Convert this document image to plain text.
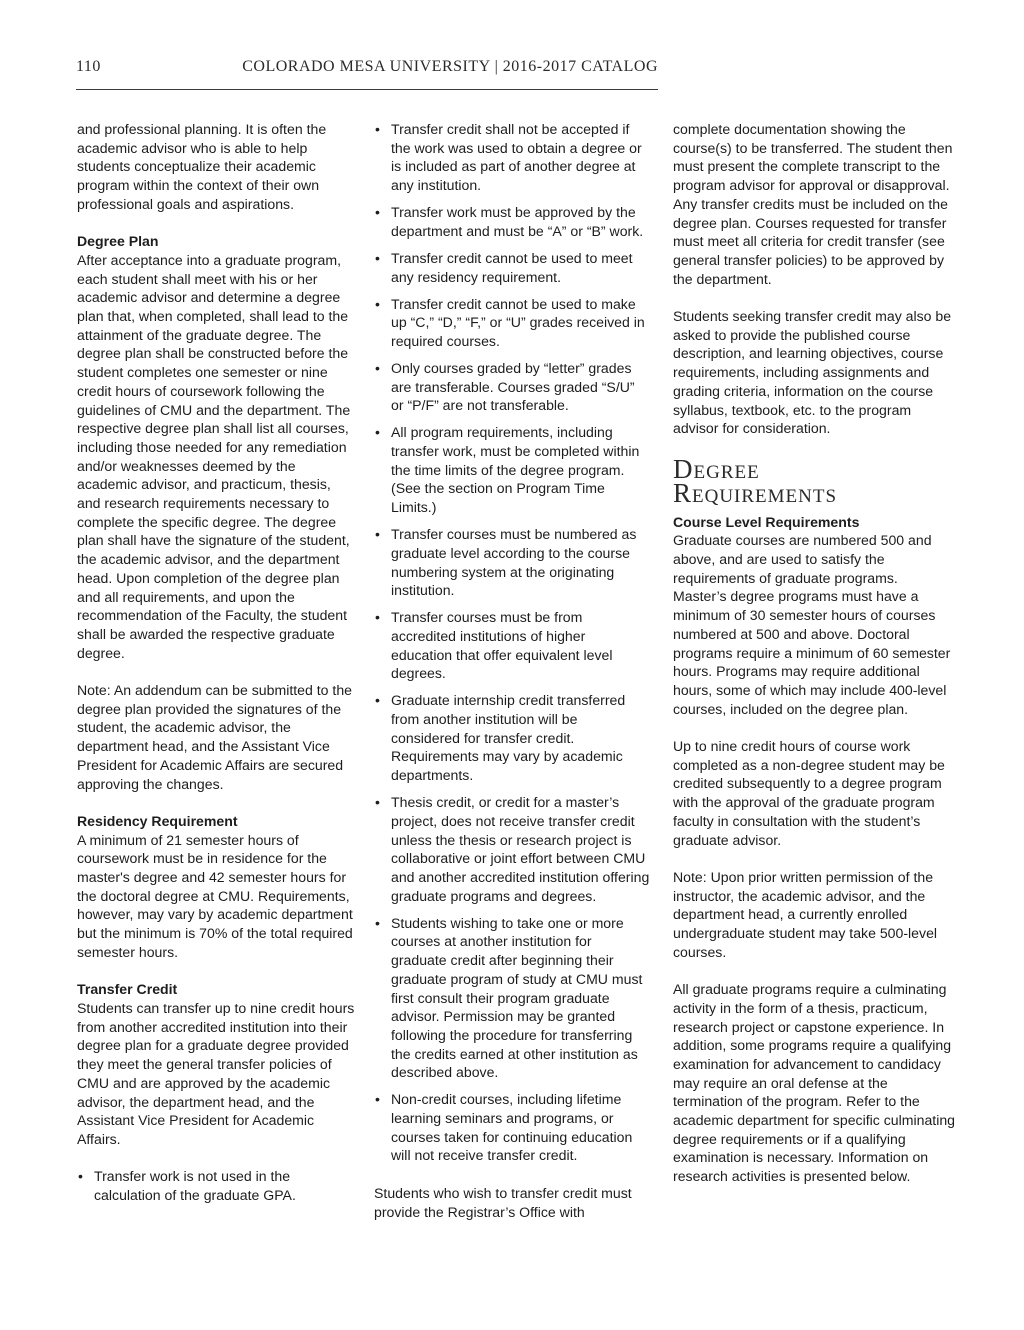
110	COLORADO MESA UNIVERSITY | 2016-2017 CATALOG

and professional planning. It is often the academic advisor who is able to help students conceptualize their academic program within the context of their own professional goals and aspirations.

Degree Plan

After acceptance into a graduate program, each student shall meet with his or her academic advisor and determine a degree plan that, when completed, shall lead to the attainment of the graduate degree. The degree plan shall be constructed before the student completes one semester or nine credit hours of coursework following the guidelines of CMU and the department. The respective degree plan shall list all courses, including those needed for any remediation and/or weaknesses deemed by the academic advisor, and practicum, thesis, and research requirements necessary to complete the specific degree. The degree plan shall have the signature of the student, the academic advisor, and the department head. Upon completion of the degree plan and all requirements, and upon the recommendation of the Faculty, the student shall be awarded the respective graduate degree.

Note: An addendum can be submitted to the degree plan provided the signatures of the student, the academic advisor, the department head, and the Assistant Vice President for Academic Affairs are secured approving the changes.

Residency Requirement

A minimum of 21 semester hours of coursework must be in residence for the master's degree and 42 semester hours for the doctoral degree at CMU. Requirements, however, may vary by academic department but the minimum is 70% of the total required semester hours.

Transfer Credit

Students can transfer up to nine credit hours from another accredited institution into their degree plan for a graduate degree provided they meet the general transfer policies of CMU and are approved by the academic advisor, the department head, and the Assistant Vice President for Academic Affairs.

• Transfer work is not used in the calculation of the graduate GPA.
• Transfer credit shall not be accepted if the work was used to obtain a degree or is included as part of another degree at any institution.
• Transfer work must be approved by the department and must be “A” or “B” work.
• Transfer credit cannot be used to meet any residency requirement.
• Transfer credit cannot be used to make up “C,” “D,” “F,” or “U” grades received in required courses.
• Only courses graded by “letter” grades are transferable. Courses graded “S/U” or “P/F” are not transferable.
• All program requirements, including transfer work, must be completed within the time limits of the degree program. (See the section on Program Time Limits.)
• Transfer courses must be numbered as graduate level according to the course numbering system at the originating institution.
• Transfer courses must be from accredited institutions of higher education that offer equivalent level degrees.
• Graduate internship credit transferred from another institution will be considered for transfer credit. Requirements may vary by academic departments.
• Thesis credit, or credit for a master’s project, does not receive transfer credit unless the thesis or research project is collaborative or joint effort between CMU and another accredited institution offering graduate programs and degrees.
• Students wishing to take one or more courses at another institution for graduate credit after beginning their graduate program of study at CMU must first consult their program graduate advisor. Permission may be granted following the procedure for transferring the credits earned at other institution as described above.
• Non-credit courses, including lifetime learning seminars and programs, or courses taken for continuing education will not receive transfer credit.

Students who wish to transfer credit must provide the Registrar’s Office with

complete documentation showing the course(s) to be transferred. The student then must present the complete transcript to the program advisor for approval or disapproval. Any transfer credits must be included on the degree plan. Courses requested for transfer must meet all criteria for credit transfer (see general transfer policies) to be approved by the department.

Students seeking transfer credit may also be asked to provide the published course description, and learning objectives, course requirements, including assignments and grading criteria, information on the course syllabus, textbook, etc. to the program advisor for consideration.

Degree
Requirements
Course Level Requirements

Graduate courses are numbered 500 and above, and are used to satisfy the requirements of graduate programs. Master’s degree programs must have a minimum of 30 semester hours of courses numbered at 500 and above. Doctoral programs require a minimum of 60 semester hours. Programs may require additional hours, some of which may include 400-level courses, included on the degree plan.

Up to nine credit hours of course work completed as a non-degree student may be credited subsequently to a degree program with the approval of the graduate program faculty in consultation with the student’s graduate advisor.

Note: Upon prior written permission of the instructor, the academic advisor, and the department head, a currently enrolled undergraduate student may take 500-level courses.

All graduate programs require a culminating activity in the form of a thesis, practicum, research project or capstone experience. In addition, some programs require a qualifying examination for advancement to candidacy may require an oral defense at the termination of the program. Refer to the academic department for specific culminating degree requirements or if a qualifying examination is necessary. Information on research activities is presented below.
